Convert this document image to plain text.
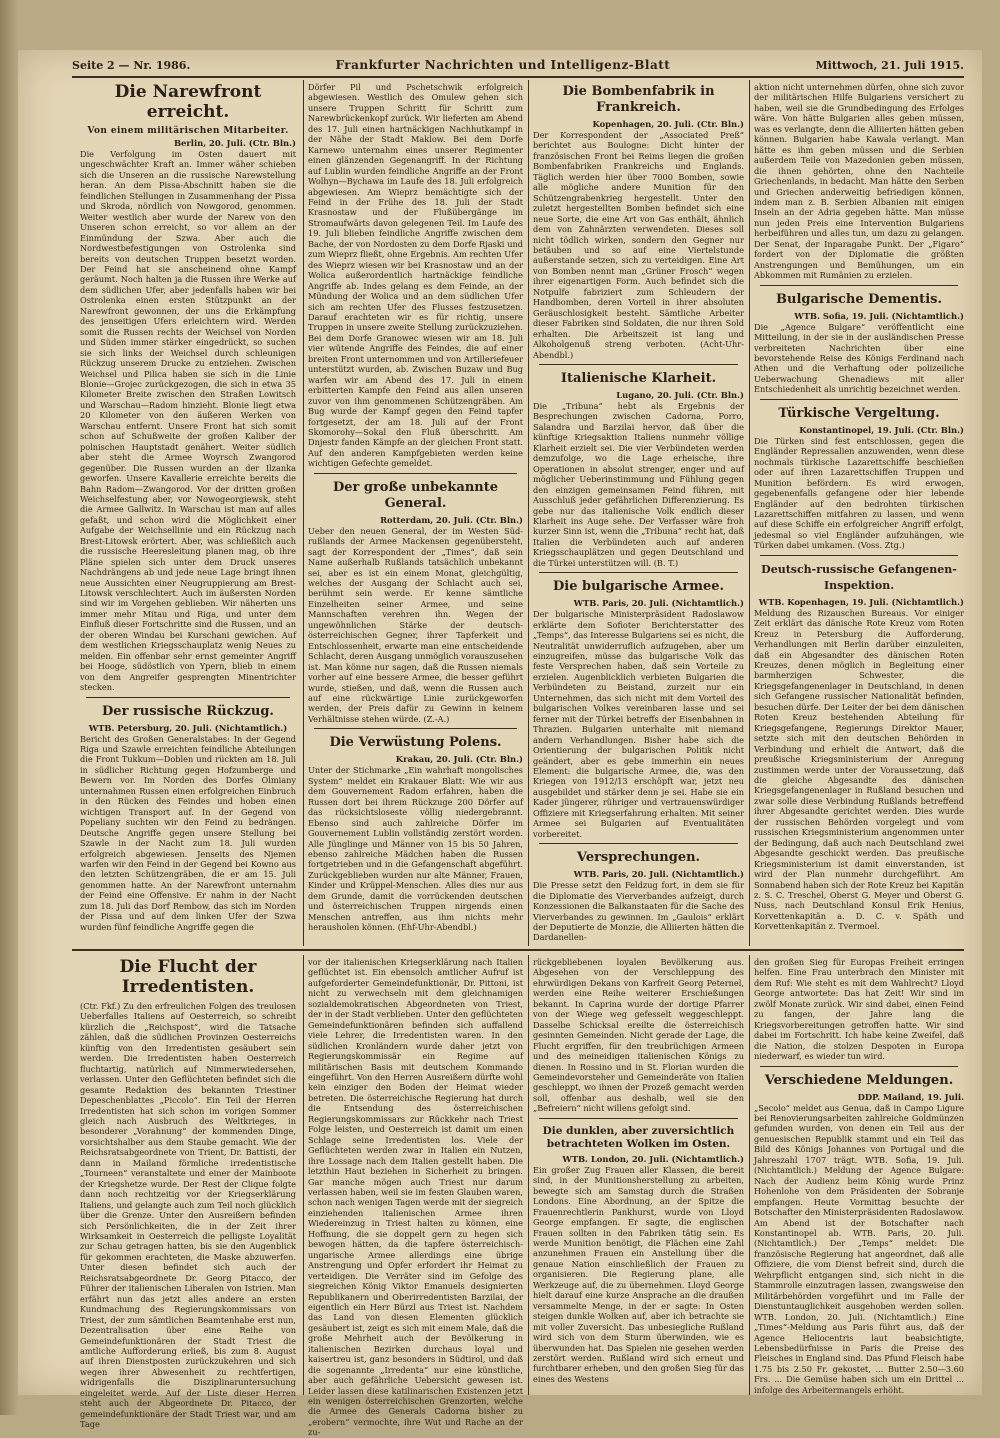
Seite 2 — Nr. 1986.	Frankfurter Nachrichten und Intelligenz-Blatt	Mittwoch, 21. Juli 1915.
Die Narewfront erreicht.
Von einem militärischen Mitarbeiter.
Berlin, 20. Juli. (Ctr. Bln.)

Die Verfolgung im Osten dauert mit ungeschwächter Kraft an. Immer wäher schieben sich die Unseren an die russische Narewstellung heran. An dem Pissa-Abschnitt haben sie die feindlichen Stellungen in Zusammenhang der Pissa und Skroda, nördlich von Nowgorod, genommen. Weiter westlich aber wurde der Narew von den Unseren schon erreicht, so vor allem an der Einmündung der Szwa. Aber auch die Nordwestbefestigungen von Ostrolenka sind bereits von deutschen Truppen besetzt worden. Der Feind hat sie anscheinend ohne Kampf geräumt. Noch halten ja die Russen ihre Werke auf dem südlichen Ufer, aber jedenfalls haben wir bei Ostrolenka einen ersten Stützpunkt an der Narewfront gewonnen, der uns die Erkämpfung des jenseitigen Ufers erleichtern wird. Werden somit die Russen rechts der Weichsel von Norden und Süden immer stärker eingedrückt, so suchen sie sich links der Weichsel durch schleunigen Rückzug unserem Drucke zu entziehen. Zwischen Weichsel und Pilica haben sie sich in die Linie Blonie—Grojec zurückgezogen, die sich in etwa 35 Kilometer Breite zwischen den Straßen Lowitsch und Warschau—Radom hinzieht. Blonie liegt etwa 20 Kilometer von den äußeren Werken von Warschau entfernt. Unsere Front hat sich somit schon auf Schußweite der großen Kaliber der polnischen Hauptstadt genähert. Weiter südlich aber steht die Armee Woyrsch Zwangorod gegenüber. Die Russen wurden an der Ilzanka geworfen. Unsere Kavallerie erreichte bereits die Bahn Radom—Zwangorod. Vor der dritten großen Weichselfestung aber, vor Nowogeorgiewsk, steht die Armee Gallwitz. In Warschau ist man auf alles gefaßt, und schon wird die Möglichkeit einer Aufgabe der Weichsellinie und ein Rückzug nach Brest-Litowsk erörtert. Aber, was schließlich auch die russische Heeresleitung planen mag, ob ihre Pläne spielen sich unter dem Druck unseres Nachdrängens ab und jede neue Lage bringt ihnen neue Aussichten einer Neugruppierung am Brest-Litowsk verschlechtert. Auch im äußersten Norden sind wir im Vorgehen geblieben. Wir näherten uns immer mehr Mitau und Riga, und unter dem Einfluß dieser Fortschritte sind die Russen, und an der oberen Windau bei Kurschani gewichen. Auf dem westlichen Kriegsschauplatz wenig Neues zu melden. Ein offenbar sehr ernst gemeinter Angriff bei Hooge, südöstlich von Ypern, blieb in einem von dem Angreifer gesprengten Minentrichter stecken.

Der russische Rückzug.
WTB. Petersburg, 20. Juli. (Nichtamtlich.)

Bericht des Großen Generalstabes: In der Gegend Riga und Szawle erreichten feindliche Abteilungen die Front Tukkum—Doblen und rückten am 18. Juli in südlicher Richtung gegen Hofzumberge und Bewern vor. Im Norden des Dorfes Olmiany unternahmen Russen einen erfolgreichen Einbruch in den Rücken des Feindes und hoben einen wichtigen Transport auf. In der Gegend von Popeliany suchten wir den Feind zu bedrängen. Deutsche Angriffe gegen unsere Stellung bei Szawle in der Nacht zum 18. Juli wurden erfolgreich abgewiesen. Jenseits des Njemen warfen wir den Feind in der Gegend bei Kowno aus den letzten Schützengräben, die er am 15. Juli genommen hatte. An der Narewfront unternahm der Feind eine Offensive. Er nahm in der Nacht zum 18. Juli das Dorf Rembow, das sich im Norden der Pissa und auf dem linken Ufer der Szwa wurden fünf feindliche Angriffe gegen die

Dörfer Pil und Pschetschwik erfolgreich abgewiesen. Westlich des Omulew gehen sich unsere Truppen Schritt für Schritt zum Narewbrückenkopf zurück. Wir lieferten am Abend des 17. Juli einen hartnäckigen Nachhutkampf in der Nähe der Stadt Maklow. Bei dem Dorfe Karnewo unternahm eines unserer Regimenter einen glänzenden Gegenangriff. In der Richtung auf Lublin wurden feindliche Angriffe an der Front Wolhyn—Bychawa im Laufe des 18. Juli erfolgreich abgewiesen. Am Wieprz bemächtigte sich der Feind in der Frühe des 18. Juli der Stadt Krasnostaw und der Flußübergänge im Stromaufwärts davon gelegenen Teil. Im Laufe des 19. Juli blieben feindliche Angriffe zwischen dem Bache, der von Nordosten zu dem Dorfe Rjaski und zum Wieprz fließt, ohne Ergebnis. Am rechten Ufer des Wieprz wiesen wir bei Krasnostaw und an der Wolica außerordentlich hartnäckige feindliche Angriffe ab. Indes gelang es dem Feinde, an der Mündung der Wolica und an dem südlichen Ufer sich am rechten Ufer des Flusses festzusetzen. Darauf erachteten wir es für richtig, unsere Truppen in unsere zweite Stellung zurückzuziehen. Bei dem Dorfe Granowec wiesen wir am 18. Juli vier wütende Angriffe des Feindes, die auf einer breiten Front unternommen und von Artilleriefeuer unterstützt wurden, ab. Zwischen Buzaw und Bug warfen wir am Abend des 17. Juli in einem erbitterten Kampfe den Feind aus allen unseren zuvor von ihm genommenen Schützengräben. Am Bug wurde der Kampf gegen den Feind tapfer fortgesetzt, der am 18. Juli auf der Front Skomorohy—Sokal den Fluß überschritt. Am Dnjestr fanden Kämpfe an der gleichen Front statt. Auf den anderen Kampfgebieten werden keine wichtigen Gefechte gemeldet.

Der große unbekannte General.
Rotterdam, 20. Juli. (Ctr. Bln.)

Ueber den neuen General, der im Westen Süd-rußlands der Armee Mackensen gegenübersteht, sagt der Korrespondent der „Times“, daß sein Name außerhalb Rußlands tatsächlich unbekannt sei, aber es ist ein einem Monat, gleichgültig, welches der Ausgang der Schlacht auch sei, berühmt sein werde. Er kenne sämtliche Einzelheiten seiner Armee, und seine Mannschaften verehren ihn. Wegen der ungewöhnlichen Stärke der deutsch-österreichischen Gegner, ihrer Tapferkeit und Entschlossenheit, erwarte man eine entscheidende Schlacht, deren Ausgang unmöglich vorauszusehen ist. Man könne nur sagen, daß die Russen niemals vorher auf eine bessere Armee, die besser geführt wurde, stießen, und daß, wenn die Russen auch auf eine rückwärtige Linie zurückgeworfen werden, der Preis dafür zu Gewinn in keinem Verhältnisse stehen würde. (Z.-A.)

Die Verwüstung Polens.
Krakau, 20. Juli. (Ctr. Bln.)

Unter der Stichmarke „Ein wahrhaft mongolisches System“ meldet ein Krakauer Blatt: Wie wir aus dem Gouvernement Radom erfahren, haben die Russen dort bei ihrem Rückzuge 200 Dörfer auf das rücksichtsloseste völlig niedergebrannt. Ebenso sind auch zahlreiche Dörfer im Gouvernement Lublin vollständig zerstört worden. Alle Jünglinge und Männer von 15 bis 50 Jahren, ebenso zahlreiche Mädchen haben die Russen fortgetrieben und in die Gefangenschaft abgeführt. Zurückgeblieben wurden nur alte Männer, Frauen, Kinder und Krüppel-Menschen. Alles dies nur aus dem Grunde, damit die vorrückenden deutschen und österreichischen Truppen nirgends einen Menschen antreffen, aus ihm nichts mehr herausholen können. (Ehf-Uhr-Abendbl.)

Die Bombenfabrik in Frankreich.
Kopenhagen, 20. Juli. (Ctr. Bln.)

Der Korrespondent der „Associated Preß“ berichtet aus Boulogne: Dicht hinter der französischen Front bei Reims liegen die großen Bombenfabriken Frankreichs und Englands. Täglich werden hier über 7000 Bomben, sowie alle mögliche andere Munition für den Schützengrabenkrieg hergestellt. Unter den zuletzt hergestellten Bomben befindet sich eine neue Sorte, die eine Art von Gas enthält, ähnlich dem von Zahnärzten verwendeten. Dieses soll nicht tödlich wirken, sondern den Gegner nur betäuben und so auf eine Viertelstunde außerstande setzen, sich zu verteidigen. Eine Art von Bomben nennt man „Grüner Frosch“ wegen ihrer eigenartigen Form. Auch befindet sich die Notpulfe fabriziert zum Schleudern der Handbomben, deren Vorteil in ihrer absoluten Geräuschlosigkeit besteht. Sämtliche Arbeiter dieser Fabriken sind Soldaten, die nur ihren Sold erhalten. Die Arbeitszeit ist lang und Alkoholgenuß streng verboten. (Acht-Uhr-Abendbl.)

Italienische Klarheit.
Lugano, 20. Juli. (Ctr. Bln.)

Die „Tribuna“ hebt als Ergebnis der Besprechungen zwischen Cadorna, Porro, Salandra und Barzilai hervor, daß über die künftige Kriegsaktion Italiens nunmehr völlige Klarheit erzielt sei. Die vier Verbündeten werden demzufolge, wo die Lage erheische, ihre Operationen in absolut strenger, enger und auf möglicher Ueberinstimmung und Fühlung gegen den einzigen gemeinsamen Feind führen, mit Ausschluß jeder gefährlichen Differenzierung. Es gebe nur das italienische Volk endlich dieser Klarheit ins Auge sehe. Der Verfasser wäre froh kurzer Sinn ist, wenn die „Tribuna“ recht hat, daß Italien die Verbündeten auch auf anderen Kriegsschauplätzen und gegen Deutschland und die Türkei unterstützen will. (B. T.)

Die bulgarische Armee.
WTB. Paris, 20. Juli. (Nichtamtlich.)

Der bulgarische Ministerpräsident Radoslawow erklärte dem Sofioter Berichterstatter des „Temps“, das Interesse Bulgariens sei es nicht, die Neutralität unwiderruflich aufzugeben, aber um einzugreifen, müsse das bulgarische Volk das feste Versprechen haben, daß sein Vorteile zu erzielen. Augenblicklich verbieten Bulgarien die Verbündeten zu Beistand, zurzeit nur ein Unternehmen, das sich nicht mit dem Vorteil des bulgarischen Volkes vereinbaren lasse und sei ferner mit der Türkei betreffs der Eisenbahnen in Thrazien. Bulgarien unterhalte mit niemand andern Verhandlungen. Bisher habe sich die Orientierung der bulgarischen Politik nicht geändert, aber es gebe immerhin ein neues Element: die bulgarische Armee, die, was den Kriegen von 1912/13 erschöpft war, jetzt neu ausgebildet und stärker denn je sei. Habe sie ein Kader jüngerer, rühriger und vertrauenswürdiger Offiziere mit Kriegserfahrung erhalten. Mit seiner Armee sei Bulgarien auf Eventualitäten vorbereitet.

Versprechungen.
WTB. Paris, 20. Juli. (Nichtamtlich.)

Die Presse setzt den Feldzug fort, in dem sie für die Diplomatie des Vierverbandes aufzeigt, durch Konzessionen die Balkanstaaten für die Sache des Vierverbandes zu gewinnen. Im „Gaulois“ erklärt der Deputierte de Monzie, die Alliierten hätten die Dardanellen-

aktion nicht unternehmen dürfen, ohne sich zuvor der militärischen Hilfe Bulgariens versichert zu haben, weil sie die Grundbedingung des Erfolges wäre. Von hätte Bulgarien alles geben müssen, was es verlangte, denn die Alliierten hätten geben können. Bulgarien habe Kawala verlangt. Man hätte es ihm geben müssen und die Serbien außerdem Teile von Mazedonien geben müssen, die ihnen gehörten, ohne den Nachteile Griechenlands, in bedacht. Man hätte den Serben und Griechen anderweitig befriedigen können, indem man z. B. Serbien Albanien mit einigen Inseln an der Adria gegeben hätte. Man müsse nun jeden Preis eine Intervention Bulgariens herbeiführen und alles tun, um dazu zu gelangen. Der Senat, der Inparagabe Punkt. Der „Figaro“ fordert von der Diplomatie die größten Anstrengungen und Bemühungen, um ein Abkommen mit Rumänien zu erzielen.

Bulgarische Dementis.
WTB. Sofia, 19. Juli. (Nichtamtlich.)

Die „Agence Bulgare“ veröffentlicht eine Mitteilung, in der sie in der ausländischen Presse verbreiteten Nachrichten über eine bevorstehende Reise des Königs Ferdinand nach Athen und die Verhaftung oder polizeiliche Ueberwachung Ghenadiews mit aller Entschiedenheit als unrichtig bezeichnet werden.

Türkische Vergeltung.
Konstantinopel, 19. Juli. (Ctr. Bln.)

Die Türken sind fest entschlossen, gegen die Engländer Repressalien anzuwenden, wenn diese nochmals türkische Lazarettschiffe beschießen oder auf ihren Lazarettschiffen Truppen und Munition befördern. Es wird erwogen, gegebenenfalls gefangene oder hier lebende Engländer auf den bedrohten türkischen Lazarettschiffen mitfahren zu lassen, und wenn auf diese Schiffe ein erfolgreicher Angriff erfolgt, jedesmal so viel Engländer aufzuhängen, wie Türken dabei umkamen. (Voss. Ztg.)

Deutsch-russische Gefangenen-Inspektion.
WTB. Kopenhagen, 19. Juli. (Nichtamtlich.)

Meldung des Rizauschen Bureaus. Vor einiger Zeit erklärt das dänische Rote Kreuz vom Roten Kreuz in Petersburg die Aufforderung, Verhandlungen mit Berlin darüber einzuleiten, daß ein Abgesandter des dänischen Roten Kreuzes, denen möglich in Begleitung einer barmherzigen Schwester, die Kriegsgefangenenlager in Deutschland, in denen sich Gefangene russischer Nationalität befinden, besuchen dürfe. Der Leiter der bei dem dänischen Roten Kreuz bestehenden Abteilung für Kriegsgefangene, Regierungs Direktor Mauer, setzte sich mit den deutschen Behörden in Verbindung und erhielt die Antwort, daß die preußische Kriegsministerium der Anregung zustimmen werde unter der Voraussetzung, daß die gleiche Abgesandte des dänischen Kriegsgefangenenlager in Rußland besuchen und zwar solle diese Verbindung Rußlands betreffend ihrer Abgesandte gerichtet werden. Dies wurde der russischen Behörden vorgelegt und vom russischen Kriegsministerium angenommen unter der Bedingung, daß auch nach Deutschland zwei Abgesandte geschickt werden. Das preußische Kriegsministerium ist damit einverstanden, ist wird der Plan nunmehr durchgeführt. Am Sonnabend haben sich der Rote Kreuz bei Kapitän z. S. C. Treschel, Oberst G. Meyer und Oberst G. Nuss, nach Deutschland Konsul Erik Henius, Korvettenkapitän a. D. C. v. Späth und Korvettenkapitän z. Tvermoel.

Die Flucht der Irredentisten.

(Ctr. Fkf.) Zu den erfreulichen Folgen des treulosen Ueberfalles Italiens auf Oesterreich, so schreibt kürzlich die „Reichspost“, wird die Tatsache zählen, daß die südlichen Provinzen Oesterreichs künftig von den Irredentisten gesäubert sein werden. Die Irredentisten haben Oesterreich fluchtartig, natürlich auf Nimmerwiedersehen, verlassen. Unter den Geflüchteten befindet sich die gesamte Redaktion des bekannten Triestiner Depeschenblattes „Piccolo“. Ein Teil der Herren Irredentisten hat sich schon im vorigen Sommer gleich nach Ausbruch des Weltkrieges, in besonderer „Vorahnung“ der kommenden Dinge, vorsichtshalber aus dem Staube gemacht. Wie der Reichsratsabgeordnete von Trient, Dr. Battisti, der dann in Mailand förmliche irredentistische „Tourneen“ veranstaltete und einer der Mainboote der Kriegshetze wurde. Der Rest der Clique folgte dann noch rechtzeitig vor der Kriegserklärung Italiens, und gelangte auch zum Teil noch glücklich über die Grenze. Unter den Ausreißern befinden sich Persönlichkeiten, die in der Zeit ihrer Wirksamkeit in Oesterreich die pelligste Loyalität zur Schau getragen hatten, bis sie den Augenblick für gekommen erachteten, die Maske abzuwerfen. Unter diesen befindet sich auch der Reichsratsabgeordnete Dr. Georg Pitacco, der Führer der italienischen Liberalen von Istrien. Man erfährt nun das jetzt alles andere an ersten Kundmachung des Regierungskommissars von Triest, der zum sämtlichen Beamtenhabe erst nun, Dezentralisation über eine Reihe von Gemeindefunktionären der Stadt Triest die amtliche Aufforderung erließ, bis zum 8. August auf ihren Dienstposten zurückzukehren und sich wegen ihrer Abwesenheit zu rechtfertigen, widrigenfalls die Disziplinaruntersuchung eingeleitet werde. Auf der Liste dieser Herren steht auch der Abgeordnete Dr. Pitacco, der gemeindefunktionäre der Stadt Triest war, und am Tage

vor der italienischen Kriegserklärung nach Italien geflüchtet ist. Ein ebensolch amtlicher Aufruf ist aufgeforderter Gemeindefunktionär, Dr. Pittoni, ist nicht zu verwechseln mit dem gleichnamigen sozialdemokratischen Abgeordneten von Triest, der in der Stadt verblieben. Unter den geflüchteten Gemeindefunktionären befinden sich auffallend viele Lehrer, die Irredentisten waren. In den südlichen Kronländern wurde daher jetzt von Regierungskommissär ein Regime auf militärischen Basis mit deutschem Kommando eingeführt. Von den Herren Ausreißern dürfte wohl kein einziger den Boden der Heimat wieder betreten. Die österreichische Regierung hat durch die Entsendung des österreichischen Regierungskommissars zur Rückkehr nach Triest Folge leisten, und Oesterreich ist damit um einen Schlage seine Irredentisten los. Viele der Geflüchteten werden zwar in Italien ein Nutzen, ihre Lossage nach dem Italien gestellt haben. Die letzthin Haut beziehen in Sicherheit zu bringen. Gar manche mögen auch Triest nur darum verlassen haben, weil sie im festen Glauben waren, schon nach wenigen Tagen werde mit der siegreich einziehenden italienischen Armee ihren Wiedereinzug in Triest halten zu können, eine Hoffnung, die sie doppelt gern zu hegen sich bewogen hätten, da die tapfere österreichisch-ungarische Armee allerdings eine übrige Anstrengung und Opfer erfordert ihr Heimat zu verteidigen. Die Verräter sind im Gefolge des siegreichen König Viktor Emanuels designierten Republikanern und Oberirredentisten Barzilai, der eigentlich ein Herr Bürzl aus Triest ist. Nachdem das Land von diesen Elementen glücklich gesäubert ist, zeigt es sich mit einem Male, daß die große Mehrheit auch der Bevölkerung in italienischen Bezirken durchaus loyal und kaisertreu ist, ganz besonders in Südtirol, und daß die sogenannte „Irredenta“ nur eine künstliche, aber auch gefährliche Uebersicht gewesen ist. Leider lassen diese katilinarischen Existenzen jetzt ein wenigen österreichischen Grenzorten, welche die Armee des Generals Cadorna bisher zu „erobern“ vermochte, ihre Wut und Rache an der zu-

rückgebliebenen loyalen Bevölkerung aus. Abgesehen von der Verschleppung des ehrwürdigen Dekans von Karfreit Georg Peternel, werden eine Reihe weiterer Erschießungen bekannt. In Caprina wurde der dortige Pfarrer von der Wiege weg gefesselt weggeschleppt. Dasselbe Schicksal ereilte die österreichisch gesinnten Gemeinden. Nicht gerade der Lage, die Flucht ergriffen, für den treubrüchigen Armeen und des meineidigen italienischen Königs zu dienen. In Rossino und in St. Florian wurden die Gemeindevorsteher und Gemeinderäte von Italien geschleppt, wo ihnen der Prozeß gemacht werden soll, offenbar aus deshalb, weil sie den „Befreiern“ nicht willens gefolgt sind.

Die dunklen, aber zuversichtlich betrachteten Wolken im Osten.
WTB. London, 20. Juli. (Nichtamtlich.)

Ein großer Zug Frauen aller Klassen, die bereit sind, in der Munitionsherstellung zu arbeiten, bewegte sich am Samstag durch die Straßen Londons. Eine Abordnung, an der Spitze die Frauenrechtlerin Pankhurst, wurde von Lloyd George empfangen. Er sagte, die englischen Frauen sollten in den Fabriken tätig sein. Es werde Munition benötigt, die Flächen eine Zahl anzunehmen Frauen ein Anstellung über die genaue Nation einschließlich der Frauen zu organisieren. Die Regierung plane, alle Werkzeuge auf, die zu übernehmen. Lloyd George hielt darauf eine kurze Ansprache an die draußen versammelte Menge, in der er sagte: In Osten steigen dunkle Wolken auf, aber ich betrachte sie mit voller Zuversicht. Das unbesiegliche Rußland wird sich von dem Sturm überwinden, wie es überwunden hat. Das Spielen nie gesehen werden zerstört werden. Rußland wird sich erneut und furchtbarer erheben, und den großen Sieg für das eines des Westens

den großen Sieg für Europas Freiheit erringen helfen. Eine Frau unterbrach den Minister mit dem Ruf: Wie steht es mit dem Wahlrecht? Lloyd George antwortete: Das hat Zeit! Wir sind im zwölf Monate zurück. Wir sind dabei, einen Feind zu fangen, der Jahre lang die Kriegsvorbereitungen getroffen hatte. Wir sind dabei im Fortschritt. Ich habe keine Zweifel, daß die Nation, die stolzen Despoten in Europa niederwarf, es wieder tun wird.

Verschiedene Meldungen.
DDP. Mailand, 19. Juli.

„Secolo“ meldet aus Genua, daß in Campo Ligure bei Renovierungsarbeiten zahlreiche Goldmünzen gefunden wurden, von denen ein Teil aus der genuesischen Republik stammt und ein Teil das Bild des Königs Johannes von Portugal und die Jahreszahl 1707 trägt. WTB. Sofia, 19. Juli. (Nichtamtlich.) Meldung der Agence Bulgare: Nach der Audienz beim König wurde Prinz Hohenlohe von dem Präsidenten der Sobranje empfangen. Heute Vormittag besuchte der Botschafter den Ministerpräsidenten Radoslawow. Am Abend ist der Botschafter nach Konstantinopel ab. WTB. Paris, 20. Juli. (Nichtamtlich.) Der „Temps“ meldet: Die französische Regierung hat angeordnet, daß alle Offiziere, die vom Dienst befreit sind, durch die Wehrpflicht entgangen sind, sich nicht in die Stammrolle einzutragen lassen, zwangsweise den Militärbehörden vorgeführt und im Falle der Dienstuntauglichkeit ausgehoben werden sollen. WTB. London, 20. Juli. (Nichtamtlich.) Eine „Times“-Meldung aus Paris führt aus, daß der Agence Heliocentris laut beabsichtigte, Lebensbedürfnisse in Paris die Preise des Fleisches in England sind. Das Pfund Fleisch habe 1.75 bis 2.50 Fr. gekostet, ... Butter 2.50—3.60 Frs. ... Die Gemüse haben sich um ein Drittel ... infolge des Arbeitermangels erhöht.
